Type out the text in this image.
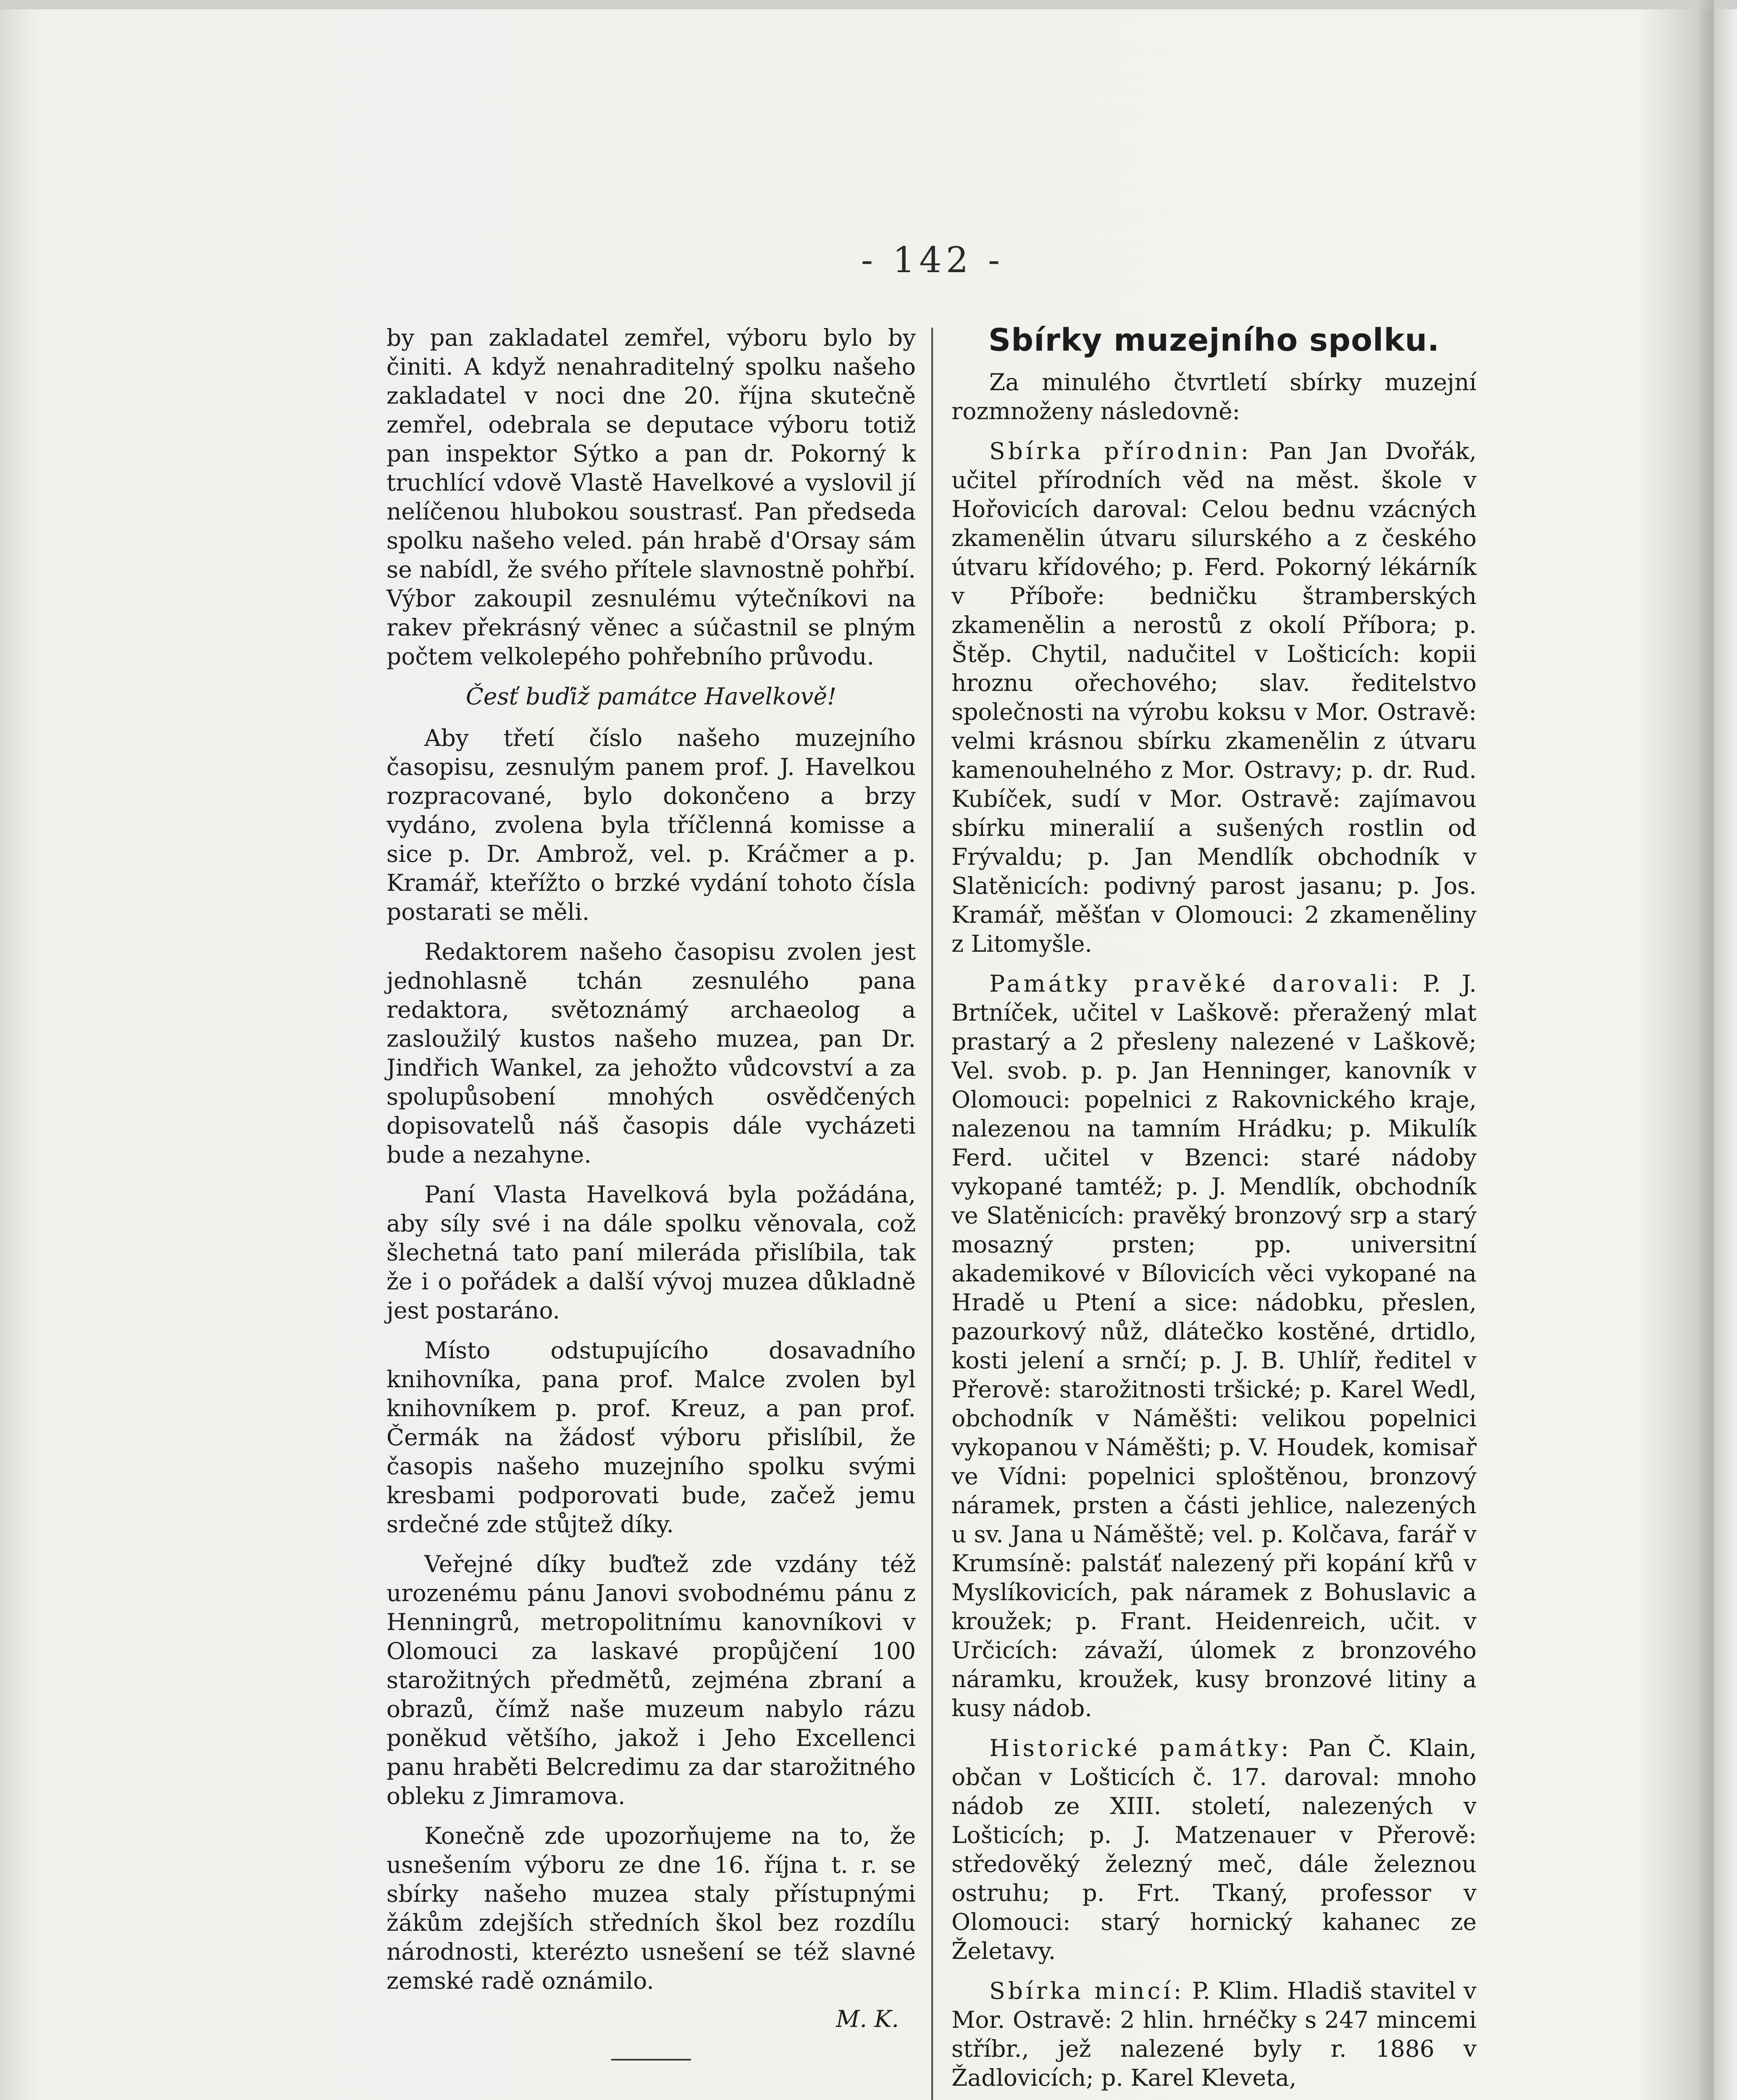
- 142 -

by pan zakladatel zemřel, výboru bylo by činiti. A když nenahraditelný spolku našeho zakladatel v noci dne 20. října skutečně zemřel, odebrala se deputace výboru totiž pan inspektor Sýtko a pan dr. Pokorný k truchlící vdově Vlastě Havelkové a vyslovil jí nelíčenou hlubokou soustrasť. Pan předseda spolku našeho veled. pán hrabě d'Orsay sám se nabídl, že svého přítele slavnostně pohřbí. Výbor zakoupil zesnulému výtečníkovi na rakev překrásný věnec a súčastnil se plným počtem velkolepého pohřebního průvodu.

Česť buďiž památce Havelkově!

Aby třetí číslo našeho muzejního časopisu, zesnulým panem prof. J. Havelkou rozpracované, bylo dokončeno a brzy vydáno, zvolena byla tříčlenná komisse a sice p. Dr. Ambrož, vel. p. Kráčmer a p. Kramář, kteřížto o brzké vydání tohoto čísla postarati se měli.

Redaktorem našeho časopisu zvolen jest jednohlasně tchán zesnulého pana redaktora, světoznámý archaeolog a zasloužilý kustos našeho muzea, pan Dr. Jindřich Wankel, za jehožto vůdcovství a za spolupůsobení mnohých osvědčených dopisovatelů náš časopis dále vycházeti bude a nezahyne.

Paní Vlasta Havelková byla požádána, aby síly své i na dále spolku věnovala, což šlechetná tato paní mileráda přislíbila, tak že i o pořádek a další vývoj muzea důkladně jest postaráno.

Místo odstupujícího dosavadního knihovníka, pana prof. Malce zvolen byl knihovníkem p. prof. Kreuz, a pan prof. Čermák na žádosť výboru přislíbil, že časopis našeho muzejního spolku svými kresbami podporovati bude, začež jemu srdečné zde stůjtež díky.

Veřejné díky buďtež zde vzdány též urozenému pánu Janovi svobodnému pánu z Henningrů, metropolitnímu kanovníkovi v Olomouci za laskavé propůjčení 100 starožitných předmětů, zejména zbraní a obrazů, čímž naše muzeum nabylo rázu poněkud většího, jakož i Jeho Excellenci panu hraběti Belcredimu za dar starožitného obleku z Jimramova.

Konečně zde upozorňujeme na to, že usnešením výboru ze dne 16. října t. r. se sbírky našeho muzea staly přístupnými žákům zdejších středních škol bez rozdílu národnosti, kterézto usnešení se též slavné zemské radě oznámilo.

M. K.
Sbírky muzejního spolku.

Za minulého čtvrtletí sbírky muzejní rozmnoženy následovně:

Sbírka přírodnin: Pan Jan Dvořák, učitel přírodních věd na měst. škole v Hořovicích daroval: Celou bednu vzácných zkamenělin útvaru silurského a z českého útvaru křídového; p. Ferd. Pokorný lékárník v Příboře: bedničku štramberských zkamenělin a nerostů z okolí Příbora; p. Štěp. Chytil, nadučitel v Lošticích: kopii hroznu ořechového; slav. ředitelstvo společnosti na výrobu koksu v Mor. Ostravě: velmi krásnou sbírku zkamenělin z útvaru kamenouhelného z Mor. Ostravy; p. dr. Rud. Kubíček, sudí v Mor. Ostravě: zajímavou sbírku mineralií a sušených rostlin od Frývaldu; p. Jan Mendlík obchodník v Slatěnicích: podivný parost jasanu; p. Jos. Kramář, měšťan v Olomouci: 2 zkameněliny z Litomyšle.

Památky pravěké darovali: P. J. Brtníček, učitel v Laškově: přeražený mlat prastarý a 2 přesleny nalezené v Laškově; Vel. svob. p. p. Jan Henninger, kanovník v Olomouci: popelnici z Rakovnického kraje, nalezenou na tamním Hrádku; p. Mikulík Ferd. učitel v Bzenci: staré nádoby vykopané tamtéž; p. J. Mendlík, obchodník ve Slatěnicích: pravěký bronzový srp a starý mosazný prsten; pp. universitní akademikové v Bílovicích věci vykopané na Hradě u Ptení a sice: nádobku, přeslen, pazourkový nůž, dlátečko kostěné, drtidlo, kosti jelení a srnčí; p. J. B. Uhlíř, ředitel v Přerově: starožitnosti tršické; p. Karel Wedl, obchodník v Náměšti: velikou popelnici vykopanou v Náměšti; p. V. Houdek, komisař ve Vídni: popelnici sploštěnou, bronzový náramek, prsten a části jehlice, nalezených u sv. Jana u Náměště; vel. p. Kolčava, farář v Krumsíně: palstáť nalezený při kopání křů v Myslíkovicích, pak náramek z Bohuslavic a kroužek; p. Frant. Heidenreich, učit. v Určicích: závaží, úlomek z bronzového náramku, kroužek, kusy bronzové litiny a kusy nádob.

Historické památky: Pan Č. Klain, občan v Lošticích č. 17. daroval: mnoho nádob ze XIII. století, nalezených v Lošticích; p. J. Matzenauer v Přerově: středověký železný meč, dále železnou ostruhu; p. Frt. Tkaný, professor v Olomouci: starý hornický kahanec ze Želetavy.

Sbírka mincí: P. Klim. Hladiš stavitel v Mor. Ostravě: 2 hlin. hrnéčky s 247 mincemi stříbr., jež nalezené byly r. 1886 v Žadlovicích; p. Karel Kleveta,
